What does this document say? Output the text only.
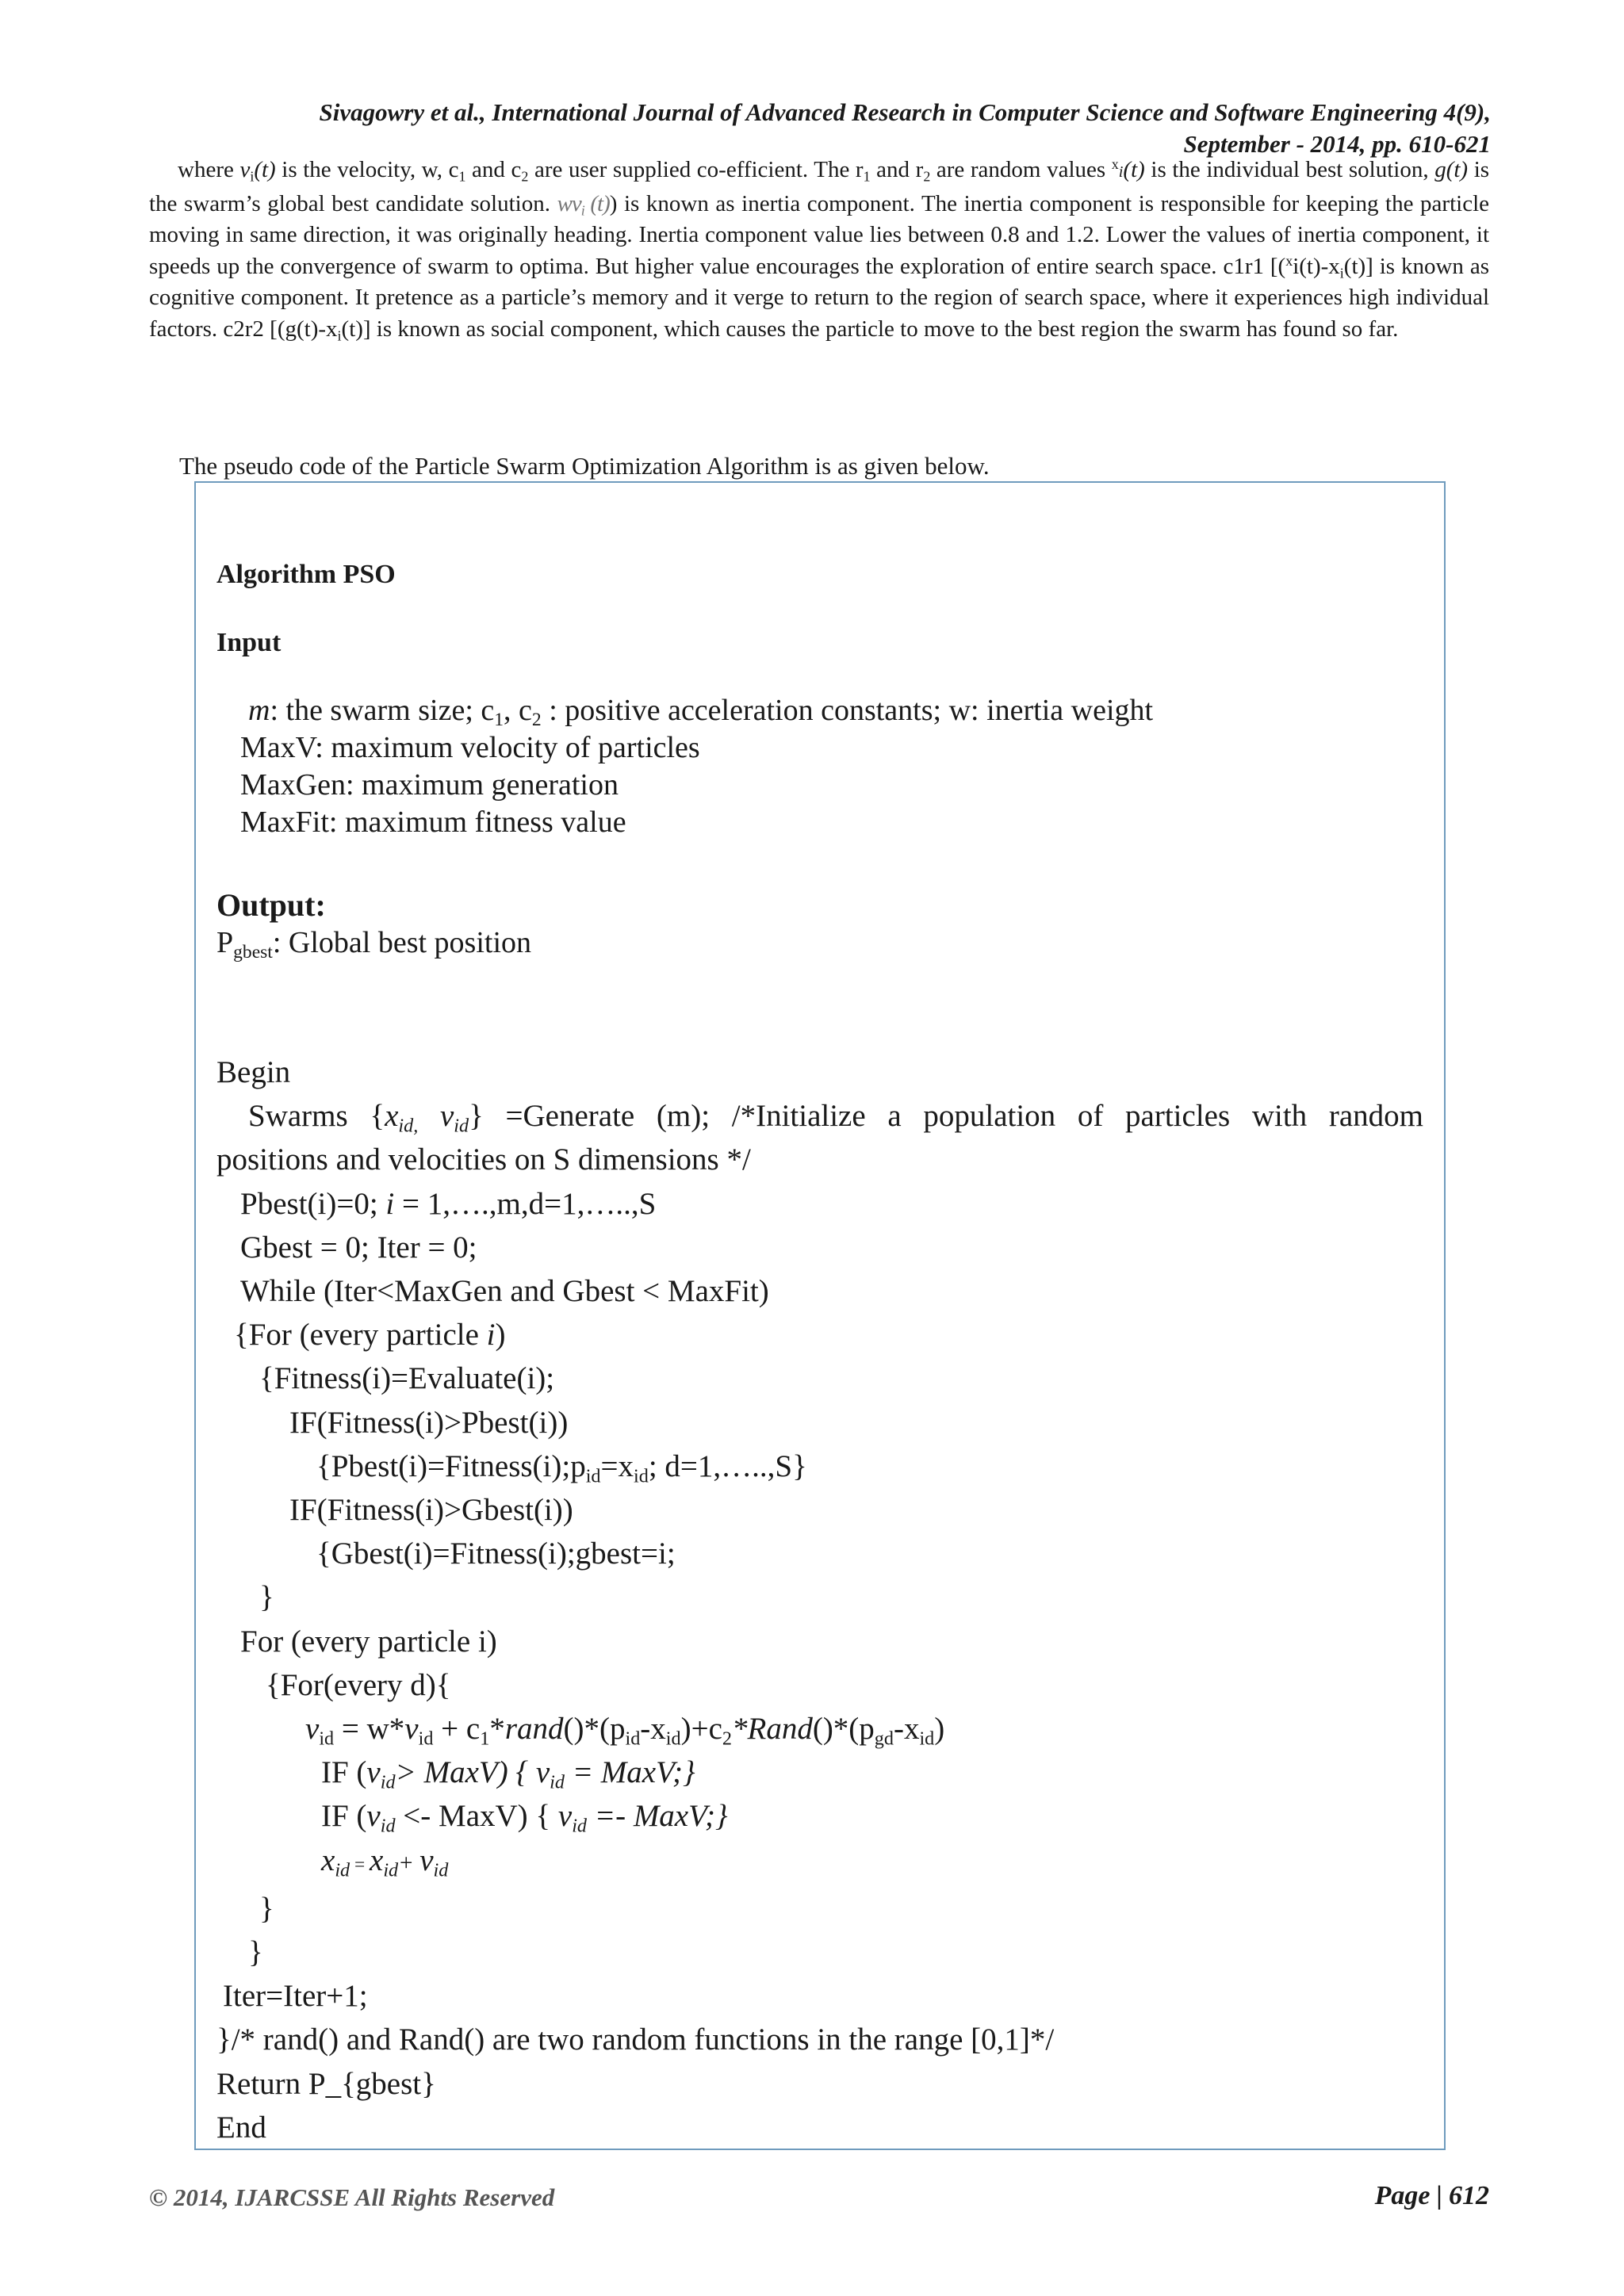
Sivagowry et al., International Journal of Advanced Research in Computer Science and Software Engineering 4(9),
September - 2014, pp. 610-621

where $v_i(t)$ is the velocity, w, $c_1$ and $c_2$ are user supplied co-efficient. The $r_1$ and $r_2$ are random values $^x$i(t) is the individual best solution, g(t) is the swarm’s global best candidate solution. $wv_i$ (t)) is known as inertia component. The inertia component is responsible for keeping the particle moving in same direction, it was originally heading. Inertia component value lies between 0.8 and 1.2. Lower the values of inertia component, it speeds up the convergence of swarm to optima. But higher value encourages the exploration of entire search space. c1r1 [$(^xi(t)-x_i(t)]$ is known as cognitive component. It pretence as a particle’s memory and it verge to return to the region of search space, where it experiences high individual factors. c2r2 [$(g(t)-x_i(t)]$ is known as social component, which causes the particle to move to the best region the swarm has found so far.

The pseudo code of the Particle Swarm Optimization Algorithm is as given below.
Algorithm PSO
Input
m: the swarm size; $c_1$, $c_2$ : positive acceleration constants; w: inertia weight
MaxV: maximum velocity of particles
MaxGen: maximum generation
MaxFit: maximum fitness value
Output:
$P_{gbest}$: Global best position
Begin
Swarms {$x_{id,}$ $v_{id}$} =Generate (m); /*Initialize a population of particles with random
positions and velocities on S dimensions */
Pbest(i)=0; i = 1,….,m,d=1,…..,S
Gbest = 0; Iter = 0;
While (Iter<MaxGen and Gbest < MaxFit)
{For (every particle i)
{Fitness(i)=Evaluate(i);
IF(Fitness(i)>Pbest(i))
{$Pbest(i)=Fitness(i);p_{id}=x_{id}$; d=1,…..,S}
IF(Fitness(i)>Gbest(i))
{Gbest(i)=Fitness(i);gbest=i;
}
For (every particle i)
{For(every d){
$v_{id} = w*v_{id}$ + $c_1*rand()*(p_{id}-x_{id})+c_2*Rand()*(p_{gd}-x_{id})$
IF ($v_{id}>$ MaxV) { $v_{id}$ = MaxV;}
IF ($v_{id}$ <- MaxV) { $v_{id}$ =- MaxV;}
$x_{id} = x_{id}+ v_{id}$
}
}
Iter=Iter+1;
}/* rand() and Rand() are two random functions in the range [0,1]*/
Return P_{gbest}
End
© 2014, IJARCSSE All Rights Reserved	Page | 612
